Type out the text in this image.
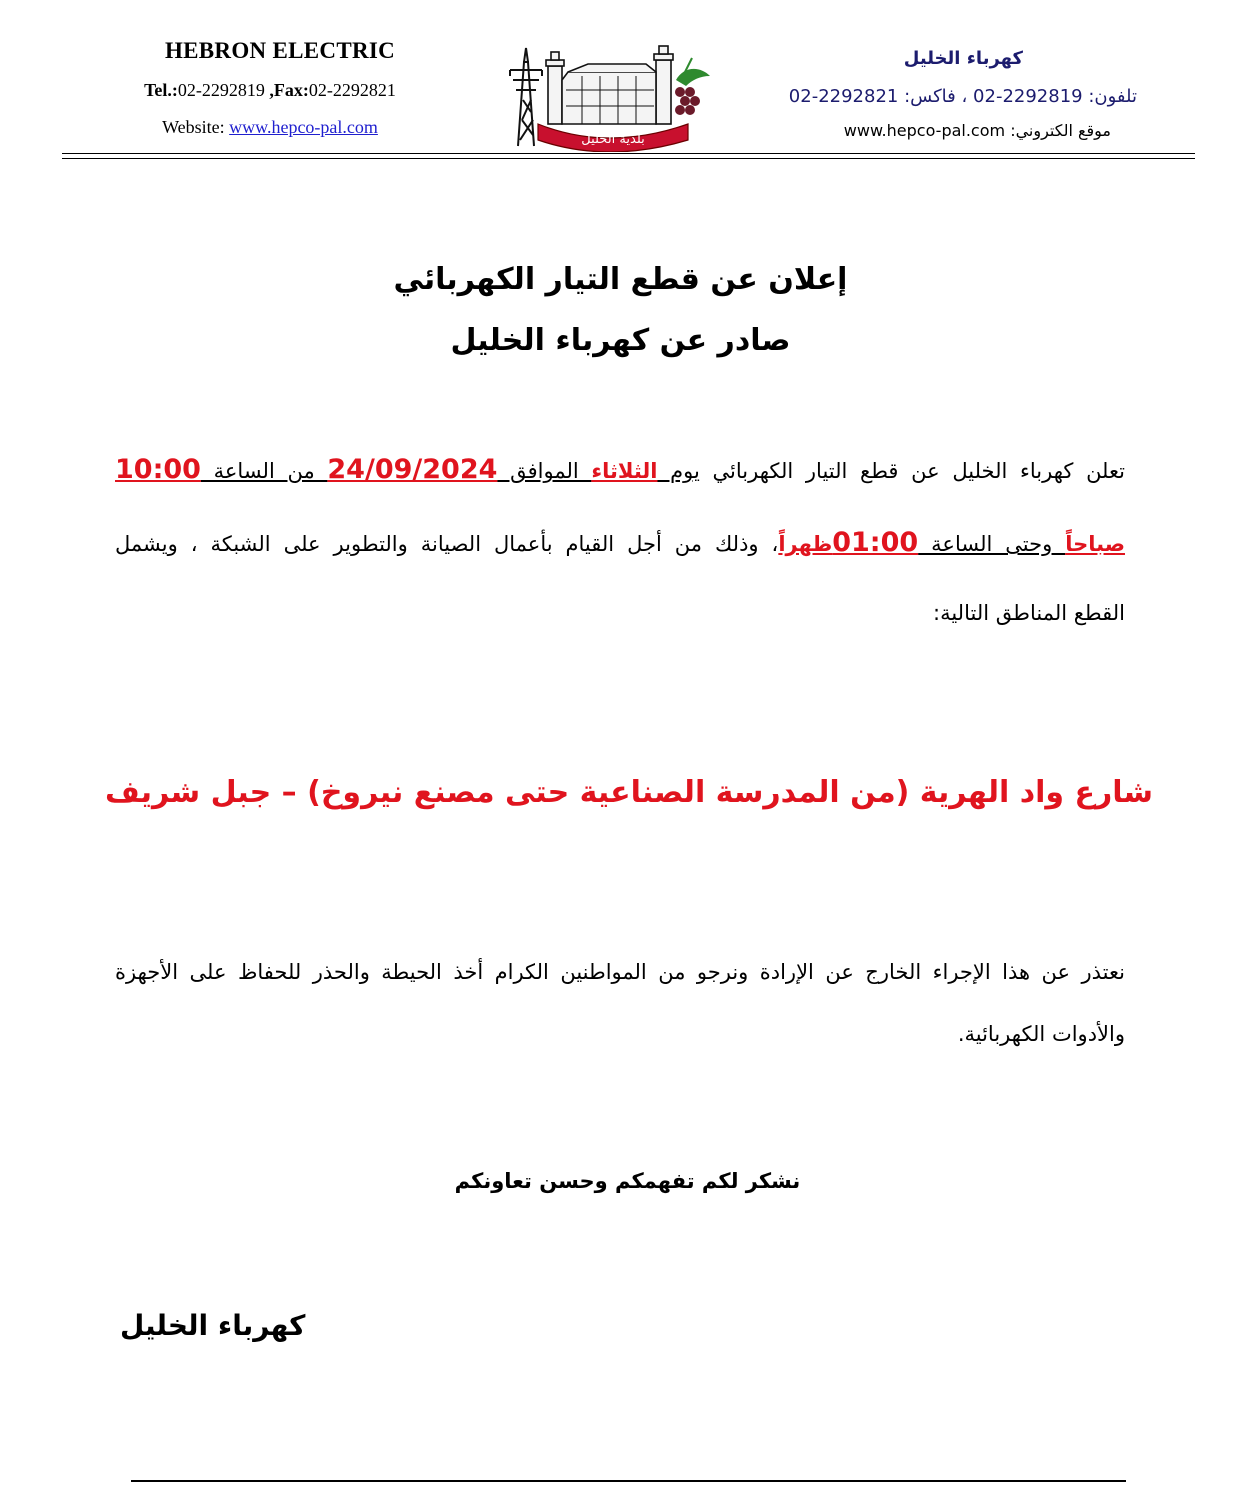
HEBRON ELECTRIC
Tel.:02-2292819 ,Fax:02-2292821
Website: www.hepco-pal.com
بلدية الخليل
كهرباء الخليل
تلفون: 2292819-02 ، فاكس: 2292821-02
موقع الكتروني: www.hepco-pal.com
إعلان عن قطع التيار الكهربائي
صادر عن كهرباء الخليل
تعلن كهرباء الخليل عن قطع التيار الكهربائي يوم الثلاثاء الموافق 24/09/2024 من الساعة 10:00
صباحاً وحتى الساعة 01:00ظهراً، وذلك من أجل القيام بأعمال الصيانة والتطوير على الشبكة ، ويشمل
القطع المناطق التالية:
شارع واد الهرية (من المدرسة الصناعية حتى مصنع نيروخ) – جبل شريف
نعتذر عن هذا الإجراء الخارج عن الإرادة ونرجو من المواطنين الكرام أخذ الحيطة والحذر للحفاظ على الأجهزة
والأدوات الكهربائية.
نشكر لكم تفهمكم وحسن تعاونكم
كهرباء الخليل
